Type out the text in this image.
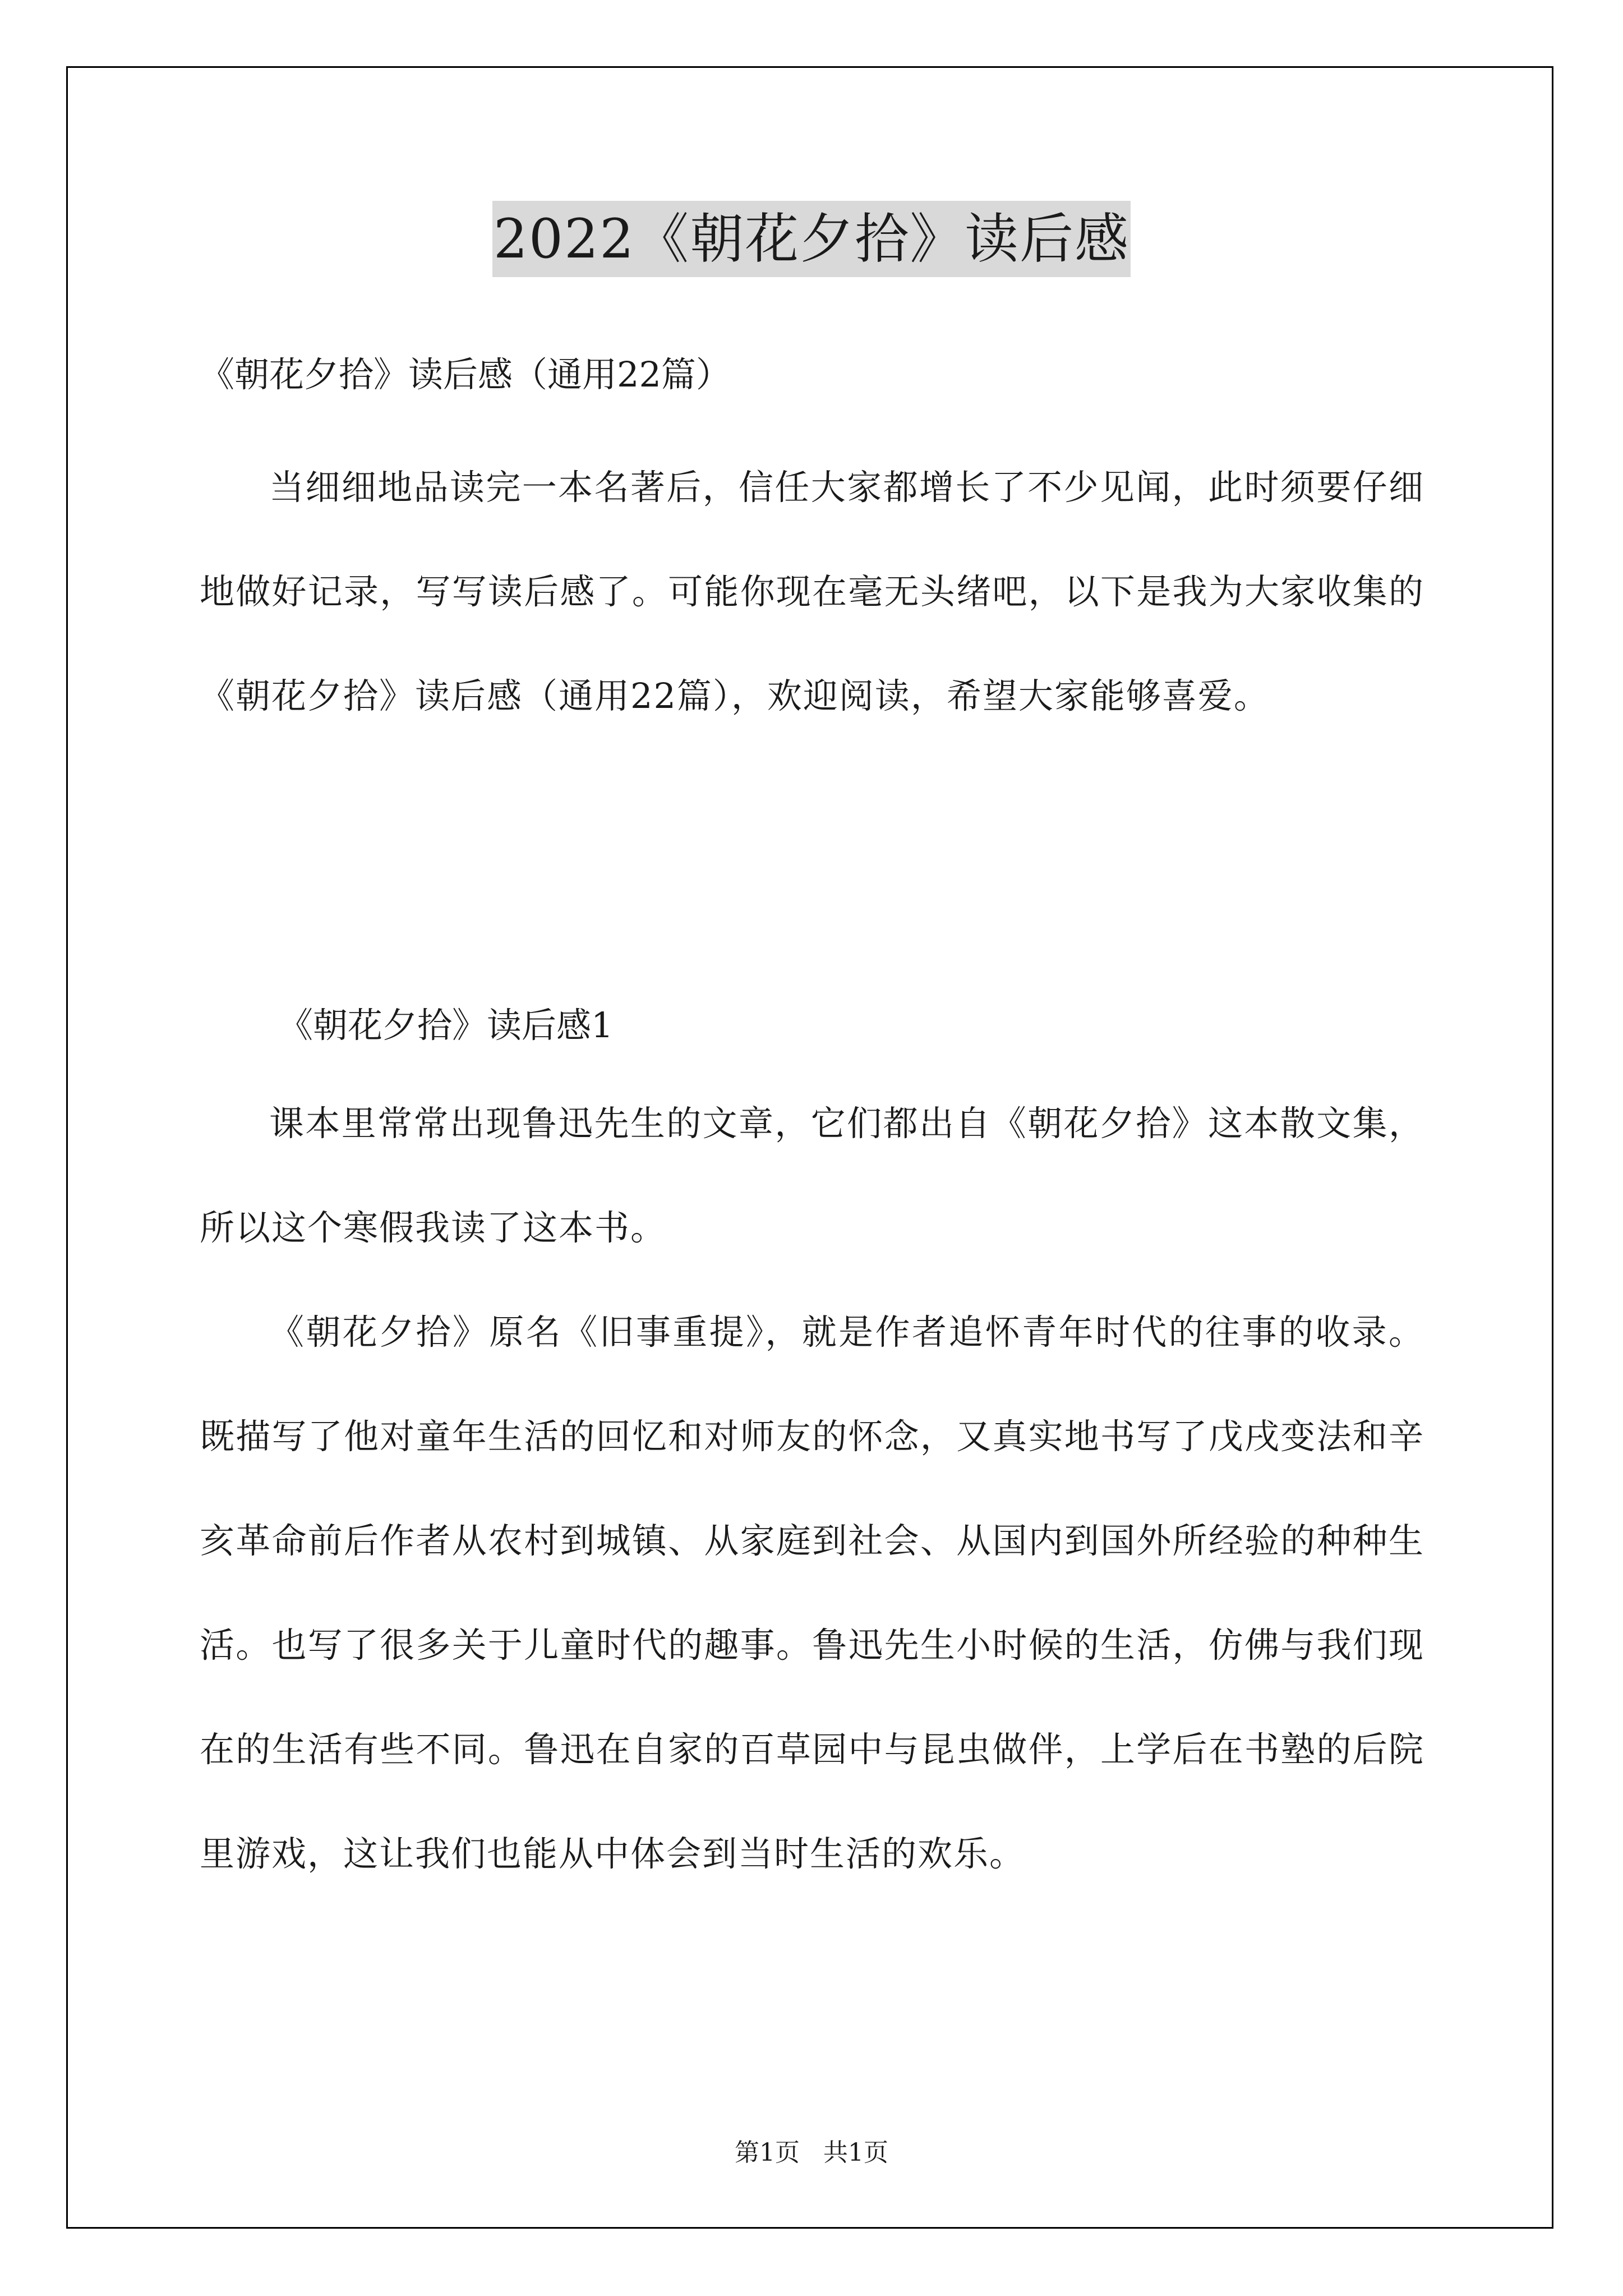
2022《朝花夕拾》读后感
《朝花夕拾》读后感（通用22篇）
当细细地品读完一本名著后，信任大家都增长了不少见闻，此时须要仔细地做好记录，写写读后感了。可能你现在毫无头绪吧，以下是我为大家收集的《朝花夕拾》读后感（通用22篇），欢迎阅读，希望大家能够喜爱。
《朝花夕拾》读后感1
课本里常常出现鲁迅先生的文章，它们都出自《朝花夕拾》这本散文集，所以这个寒假我读了这本书。
《朝花夕拾》原名《旧事重提》，就是作者追怀青年时代的往事的收录。既描写了他对童年生活的回忆和对师友的怀念，又真实地书写了戊戌变法和辛亥革命前后作者从农村到城镇、从家庭到社会、从国内到国外所经验的种种生活。也写了很多关于儿童时代的趣事。鲁迅先生小时候的生活，仿佛与我们现在的生活有些不同。鲁迅在自家的百草园中与昆虫做伴，上学后在书塾的后院里游戏，这让我们也能从中体会到当时生活的欢乐。
第1页   共1页
